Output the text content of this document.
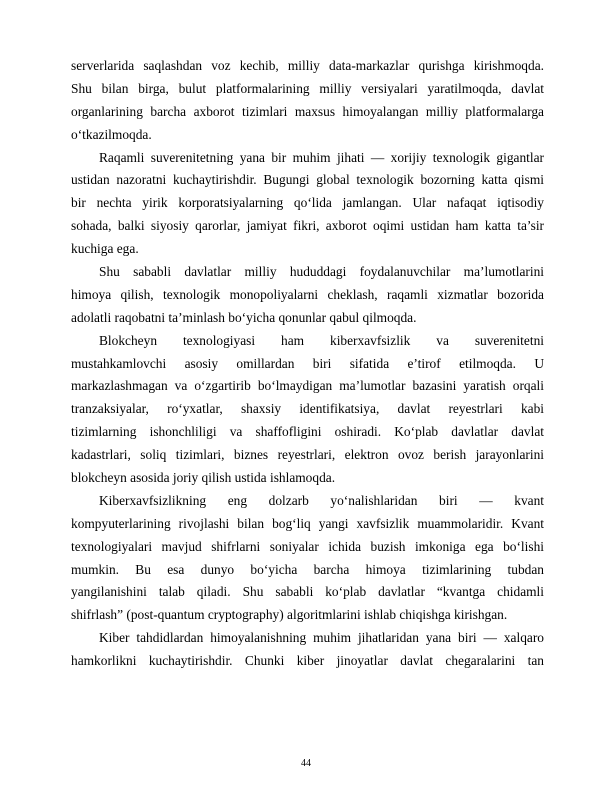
serverlarida saqlashdan voz kechib, milliy data-markazlar qurishga kirishmoqda.
Shu bilan birga, bulut platformalarining milliy versiyalari yaratilmoqda, davlat
organlarining barcha axborot tizimlari maxsus himoyalangan milliy platformalarga
o‘tkazilmoqda.
Raqamli suverenitetning yana bir muhim jihati — xorijiy texnologik gigantlar
ustidan nazoratni kuchaytirishdir. Bugungi global texnologik bozorning katta qismi
bir nechta yirik korporatsiyalarning qo‘lida jamlangan. Ular nafaqat iqtisodiy
sohada, balki siyosiy qarorlar, jamiyat fikri, axborot oqimi ustidan ham katta ta’sir
kuchiga ega.
Shu sababli davlatlar milliy hududdagi foydalanuvchilar ma’lumotlarini
himoya qilish, texnologik monopoliyalarni cheklash, raqamli xizmatlar bozorida
adolatli raqobatni ta’minlash bo‘yicha qonunlar qabul qilmoqda.
Blokcheyn texnologiyasi ham kiberxavfsizlik va suverenitetni
mustahkamlovchi asosiy omillardan biri sifatida e’tirof etilmoqda. U
markazlashmagan va o‘zgartirib bo‘lmaydigan ma’lumotlar bazasini yaratish orqali
tranzaksiyalar, ro‘yxatlar, shaxsiy identifikatsiya, davlat reyestrlari kabi
tizimlarning ishonchliligi va shaffofligini oshiradi. Ko‘plab davlatlar davlat
kadastrlari, soliq tizimlari, biznes reyestrlari, elektron ovoz berish jarayonlarini
blokcheyn asosida joriy qilish ustida ishlamoqda.
Kiberxavfsizlikning eng dolzarb yo‘nalishlaridan biri — kvant
kompyuterlarining rivojlashi bilan bog‘liq yangi xavfsizlik muammolaridir. Kvant
texnologiyalari mavjud shifrlarni soniyalar ichida buzish imkoniga ega bo‘lishi
mumkin. Bu esa dunyo bo‘yicha barcha himoya tizimlarining tubdan
yangilanishini talab qiladi. Shu sababli ko‘plab davlatlar “kvantga chidamli
shifrlash” (post-quantum cryptography) algoritmlarini ishlab chiqishga kirishgan.
Kiber tahdidlardan himoyalanishning muhim jihatlaridan yana biri — xalqaro
hamkorlikni kuchaytirishdir. Chunki kiber jinoyatlar davlat chegaralarini tan
44
